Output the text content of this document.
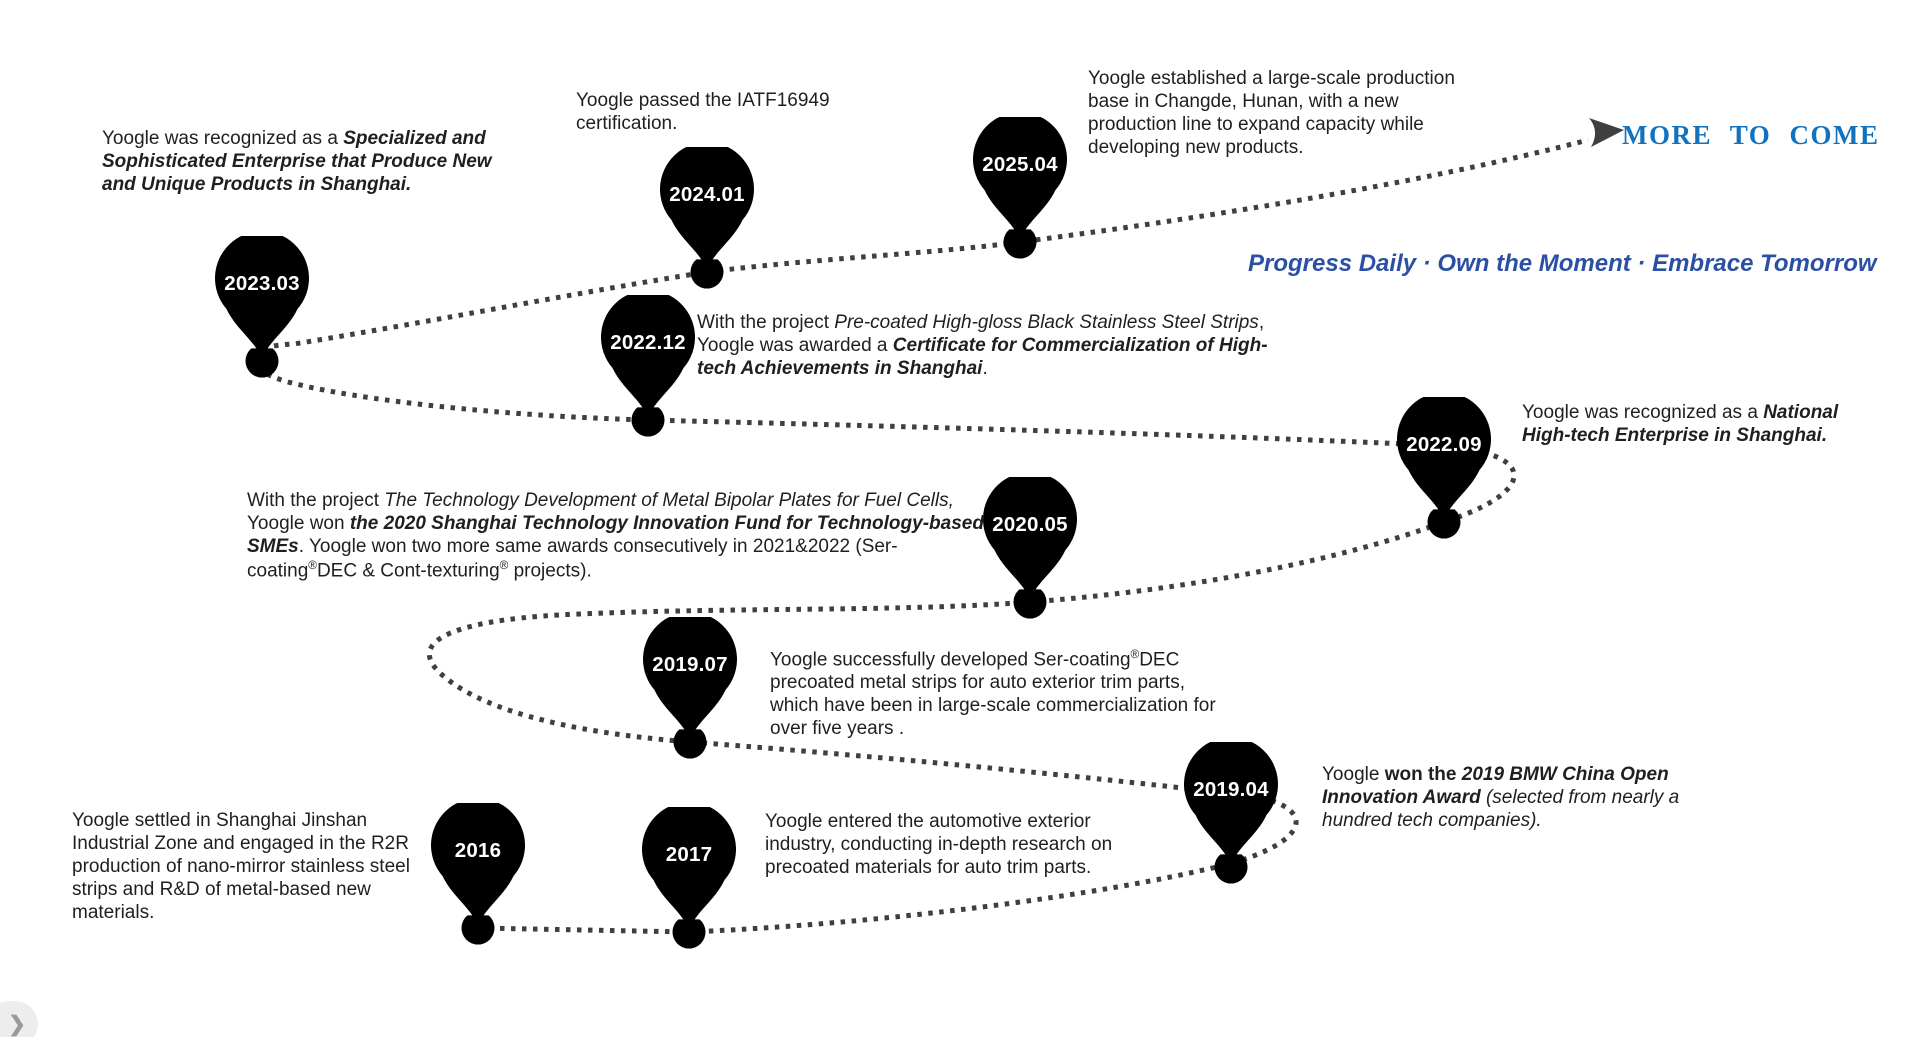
2016	2017
2019.04
2019.07
2020.05
2022.09
2022.12
2023.03
2024.01
2025.04
Yoogle settled in Shanghai Jinshan Industrial Zone and engaged in the R2R production of nano-mirror stainless steel strips and R&D of metal-based new materials.
Yoogle entered the automotive exterior industry, conducting in-depth research on precoated materials for auto trim parts.
Yoogle won the 2019 BMW China Open Innovation Award (selected from nearly a hundred tech companies).
Yoogle successfully developed Ser-coating®DEC precoated metal strips for auto exterior trim parts, which have been in large-scale commercialization for over five years .
With the project The Technology Development of Metal Bipolar Plates for Fuel Cells, Yoogle won the 2020 Shanghai Technology Innovation Fund for Technology-based SMEs. Yoogle won two more same awards consecutively in 2021&2022 (Ser-coating®DEC & Cont-texturing® projects).
Yoogle was recognized as a National High-tech Enterprise in Shanghai.
With the project Pre-coated High-gloss Black Stainless Steel Strips, Yoogle was awarded a Certificate for Commercialization of High-tech Achievements in Shanghai.
Yoogle was recognized as a Specialized and Sophisticated Enterprise that Produce New and Unique Products in Shanghai.
Yoogle passed the IATF16949 certification.
Yoogle established a large-scale production base in Changde, Hunan, with a new production line to expand capacity while developing new products.	MORE TO COME
Progress Daily · Own the Moment · Embrace Tomorrow
❯
